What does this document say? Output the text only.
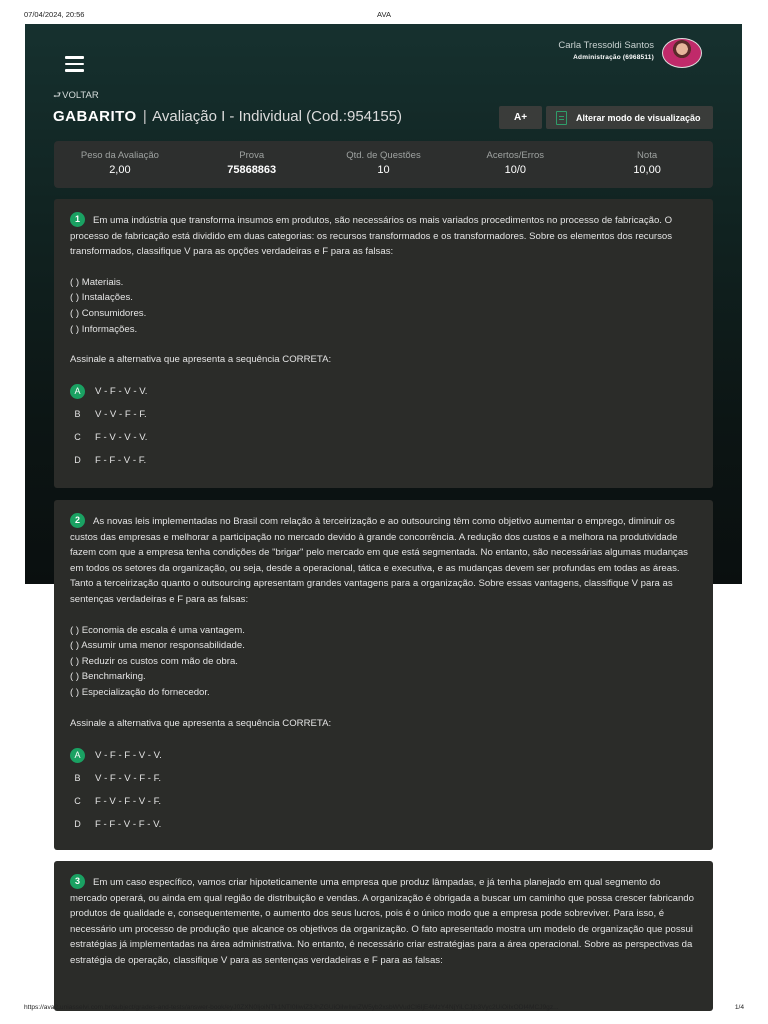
07/04/2024, 20:56	AVA
Carla Tressoldi Santos
Administração (6968511)
⮐VOLTAR
GABARITO | Avaliação I - Individual (Cod.:954155)	A+	Alterar modo de visualização
Peso da Avaliação
2,00
Prova
75868863
Qtd. de Questões
10
Acertos/Erros
10/0
Nota
10,00
1 Em uma indústria que transforma insumos em produtos, são necessários os mais variados procedimentos no processo de fabricação. O processo de fabricação está dividido em duas categorias: os recursos transformados e os transformadores. Sobre os elementos dos recursos transformados, classifique V para as opções verdadeiras e F para as falsas:
( ) Materiais.
( ) Instalações.
( ) Consumidores.
( ) Informações.
Assinale a alternativa que apresenta a sequência CORRETA:
A	V - F - V - V.
B	V - V - F - F.
C	F - V - V - V.
D	F - F - V - F.
2 As novas leis implementadas no Brasil com relação à terceirização e ao outsourcing têm como objetivo aumentar o emprego, diminuir os custos das empresas e melhorar a participação no mercado devido à grande concorrência. A redução dos custos e a melhora na produtividade fazem com que a empresa tenha condições de "brigar" pelo mercado em que está segmentada. No entanto, são necessárias algumas mudanças em todos os setores da organização, ou seja, desde a operacional, tática e executiva, e as mudanças devem ser profundas em todas as áreas. Tanto a terceirização quanto o outsourcing apresentam grandes vantagens para a organização. Sobre essas vantagens, classifique V para as sentenças verdadeiras e F para as falsas:
( ) Economia de escala é uma vantagem.
( ) Assumir uma menor responsabilidade.
( ) Reduzir os custos com mão de obra.
( ) Benchmarking.
( ) Especialização do fornecedor.
Assinale a alternativa que apresenta a sequência CORRETA:
A	V - F - F - V - V.
B	V - F - V - F - F.
C	F - V - F - V - F.
D	F - F - V - F - V.
3 Em um caso específico, vamos criar hipoteticamente uma empresa que produz lâmpadas, e já tenha planejado em qual segmento do mercado operará, ou ainda em qual região de distribuição e vendas. A organização é obrigada a buscar um caminho que possa crescer fabricando produtos de qualidade e, consequentemente, o aumento dos seus lucros, pois é o único modo que a empresa pode sobreviver. Para isso, é necessário um processo de produção que alcance os objetivos da organização. O fato apresentado mostra um modelo de organização que possui estratégias já implementadas na área administrativa. No entanto, é necessário criar estratégias para a área operacional. Sobre as perspectivas da estratégia de operação, classifique V para as sentenças verdadeiras e F para as falsas:
https://ava2.uniasselvi.com.br/subject/grades-and-tests/answer-book/eyJ0ZXN0IjoiNTk1NTI0IiwiZ3JhZGUiOiIwIiwiZW5yb2xsbWVudCI6IjE4MzY4NjYiLCJjb3Vyc2UiOiIxODI4MCJ9gz...	1/4
